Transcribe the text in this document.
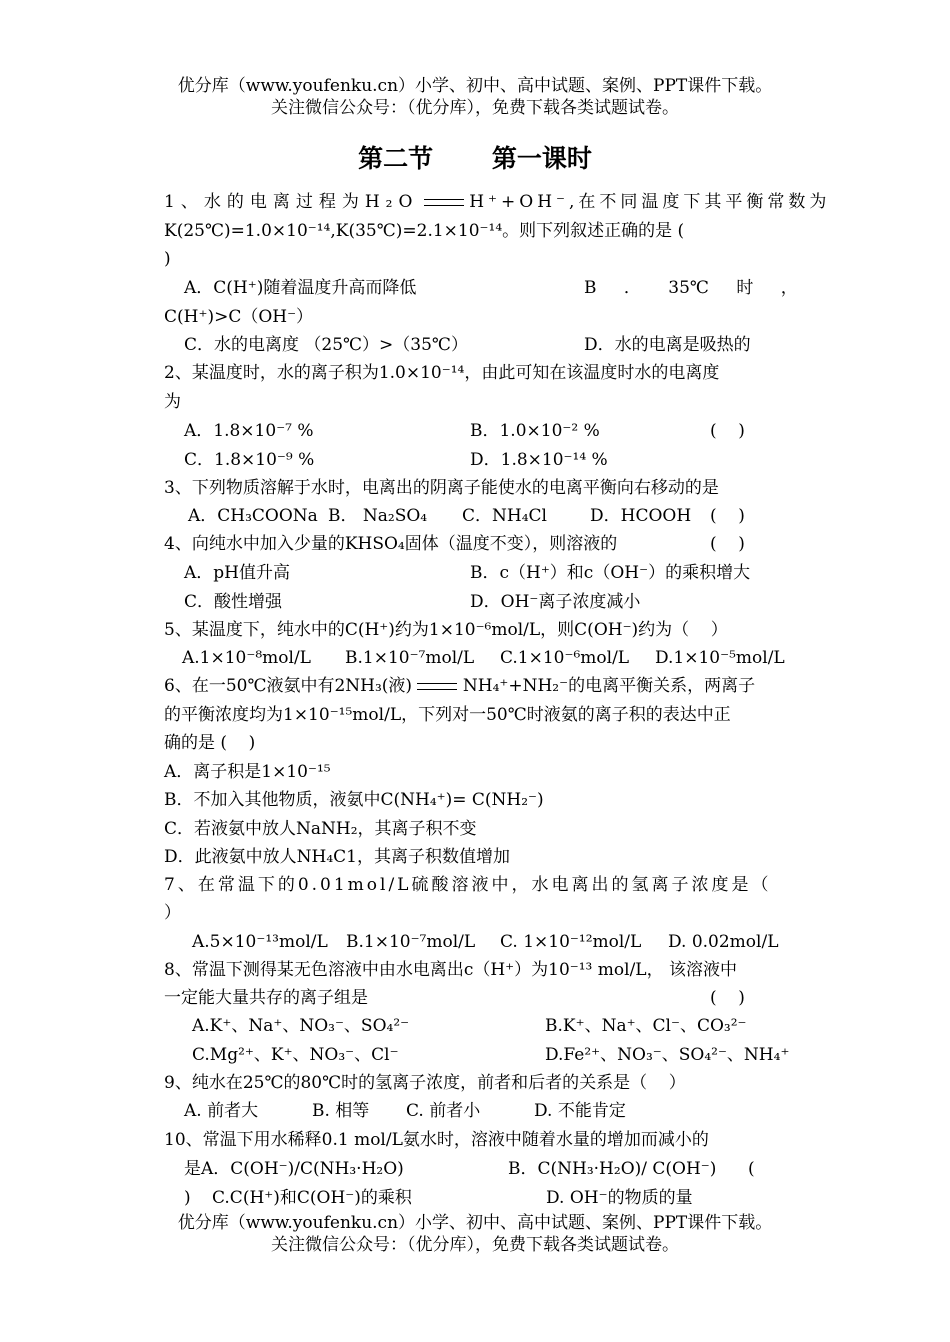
优分库（www.youfenku.cn）小学、初中、高中试题、案例、PPT课件下载。
关注微信公众号：（优分库），免费下载各类试题试卷。
第二节 第一课时
1、水的电离过程为H₂O	H⁺+OH⁻,在不同温度下其平衡常数为
K(25℃)=1.0×10⁻¹⁴,K(35℃)=2.1×10⁻¹⁴。则下列叙述正确的是 (
)
A．C(H⁺)随着温度升高而降低	B ． 35℃ 时 ，
C(H⁺)>C（OH⁻）
C．水的电离度 （25℃）>（35℃）	D．水的电离是吸热的
2、某温度时，水的离子积为1.0×10⁻¹⁴，由此可知在该温度时水的电离度
为
A．1.8×10⁻⁷ %	B．1.0×10⁻² %	(    )
C．1.8×10⁻⁹ %	D．1.8×10⁻¹⁴ %
3、下列物质溶解于水时，电离出的阴离子能使水的电离平衡向右移动的是
A．CH₃COONa B． Na₂SO₄ C．NH₄Cl	D．HCOOH (    )
4、向纯水中加入少量的KHSO₄固体（温度不变），则溶液的	(    )
A．pH值升高	B．c（H⁺）和c（OH⁻）的乘积增大
C．酸性增强	D．OH⁻离子浓度减小
5、某温度下，纯水中的C(H⁺)约为1×10⁻⁶mol/L，则C(OH⁻)约为（    ）
A.1×10⁻⁸mol/L B.1×10⁻⁷mol/L C.1×10⁻⁶mol/L D.1×10⁻⁵mol/L
6、在一50℃液氨中有2NH₃(液)	NH₄⁺+NH₂⁻的电离平衡关系，两离子
的平衡浓度均为1×10⁻¹⁵mol/L，下列对一50℃时液氨的离子积的表达中正
确的是 (    )
A．离子积是1×10⁻¹⁵
B．不加入其他物质，液氨中C(NH₄⁺)= C(NH₂⁻)
C．若液氨中放人NaNH₂，其离子积不变
D．此液氨中放人NH₄C1，其离子积数值增加
7、在常温下的0.01mol/L硫酸溶液中，水电离出的氢离子浓度是（
）
A.5×10⁻¹³mol/L B.1×10⁻⁷mol/L C. 1×10⁻¹²mol/L D. 0.02mol/L
8、常温下测得某无色溶液中由水电离出c（H⁺）为10⁻¹³ mol/L， 该溶液中
一定能大量共存的离子组是	(    )
A.K⁺、Na⁺、NO₃⁻、SO₄²⁻	B.K⁺、Na⁺、Cl⁻、CO₃²⁻
C.Mg²⁺、K⁺、NO₃⁻、Cl⁻	D.Fe²⁺、NO₃⁻、SO₄²⁻、NH₄⁺
9、纯水在25℃的80℃时的氢离子浓度，前者和后者的关系是（    ）
A. 前者大	B. 相等 C. 前者小	D. 不能肯定
10、常温下用水稀释0.1 mol/L氨水时，溶液中随着水量的增加而减小的
是A．C(OH⁻)/C(NH₃·H₂O)	B．C(NH₃·H₂O)/ C(OH⁻) (
) C.C(H⁺)和C(OH⁻)的乘积	D. OH⁻的物质的量
优分库（www.youfenku.cn）小学、初中、高中试题、案例、PPT课件下载。
关注微信公众号：（优分库），免费下载各类试题试卷。
